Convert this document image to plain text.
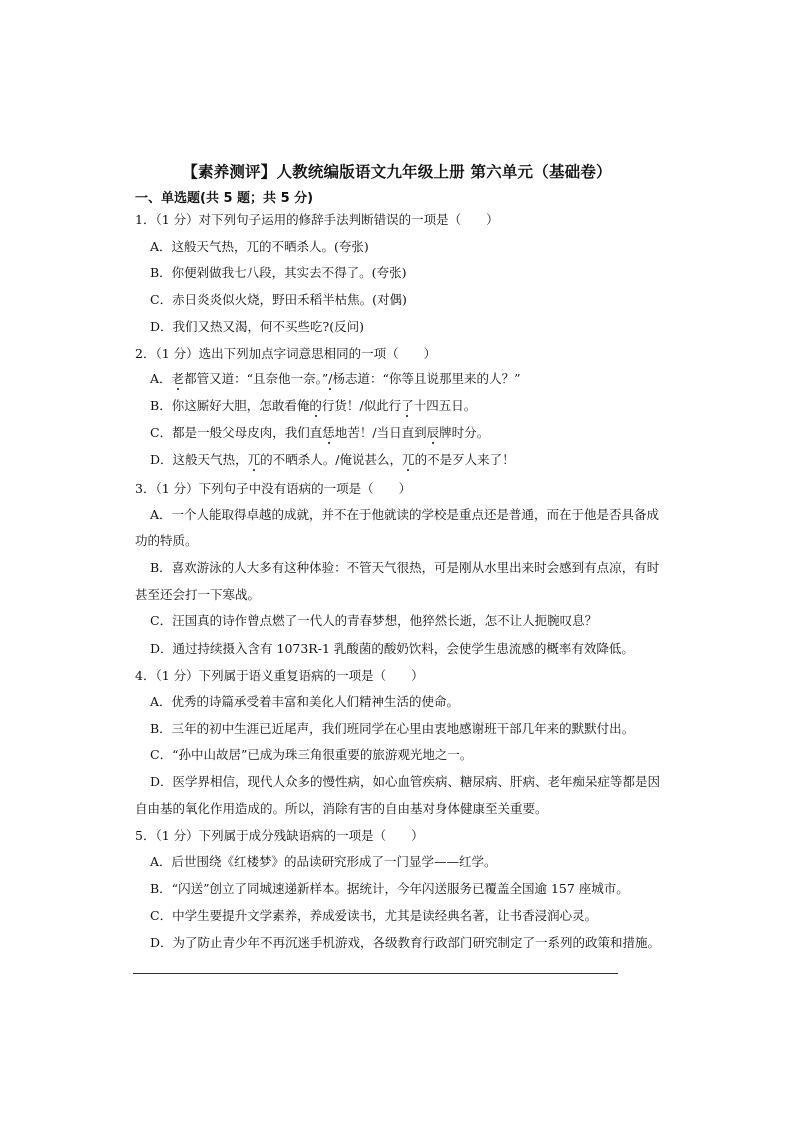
【素养测评】人教统编版语文九年级上册 第六单元（基础卷）
一、单选题(共 5 题；共 5 分)
1．（1 分）对下列句子运用的修辞手法判断错误的一项是（　　）
A．这般天气热，兀的不晒杀人。(夸张)
B．你便剁做我七八段，其实去不得了。(夸张)
C．赤日炎炎似火烧，野田禾稻半枯焦。(对偶)
D．我们又热又渴，何不买些吃?(反问)
2．（1 分）选出下列加点字词意思相同的一项（　　）
A．老都管又道：“且奈他一奈。”/杨志道：“你等且说那里来的人？”
B．你这厮好大胆，怎敢看俺的行货！/似此行了十四五日。
C．都是一般父母皮肉，我们直恁地苦！/当日直到辰牌时分。
D．这般天气热，兀的不晒杀人。/俺说甚么，兀的不是歹人来了！
3．（1 分）下列句子中没有语病的一项是（　　）
A．一个人能取得卓越的成就，并不在于他就读的学校是重点还是普通，而在于他是否具备成
功的特质。
B．喜欢游泳的人大多有这种体验：不管天气很热，可是刚从水里出来时会感到有点凉，有时
甚至还会打一下寒战。
C．汪国真的诗作曾点燃了一代人的青春梦想，他猝然长逝，怎不让人扼腕叹息？
D．通过持续摄入含有 1073R-1 乳酸菌的酸奶饮料，会使学生患流感的概率有效降低。
4．（1 分）下列属于语义重复语病的一项是（　　）
A．优秀的诗篇承受着丰富和美化人们精神生活的使命。
B．三年的初中生涯已近尾声，我们班同学在心里由衷地感谢班干部几年来的默默付出。
C．“孙中山故居”已成为珠三角很重要的旅游观光地之一。
D．医学界相信，现代人众多的慢性病，如心血管疾病、糖尿病、肝病、老年痴呆症等都是因
自由基的氧化作用造成的。所以，消除有害的自由基对身体健康至关重要。
5．（1 分）下列属于成分残缺语病的一项是（　　）
A．后世围绕《红楼梦》的品读研究形成了一门显学——红学。
B．“闪送”创立了同城速递新样本。据统计，今年闪送服务已覆盖全国逾 157 座城市。
C．中学生要提升文学素养，养成爱读书，尤其是读经典名著，让书香浸润心灵。
D．为了防止青少年不再沉迷手机游戏，各级教育行政部门研究制定了一系列的政策和措施。
